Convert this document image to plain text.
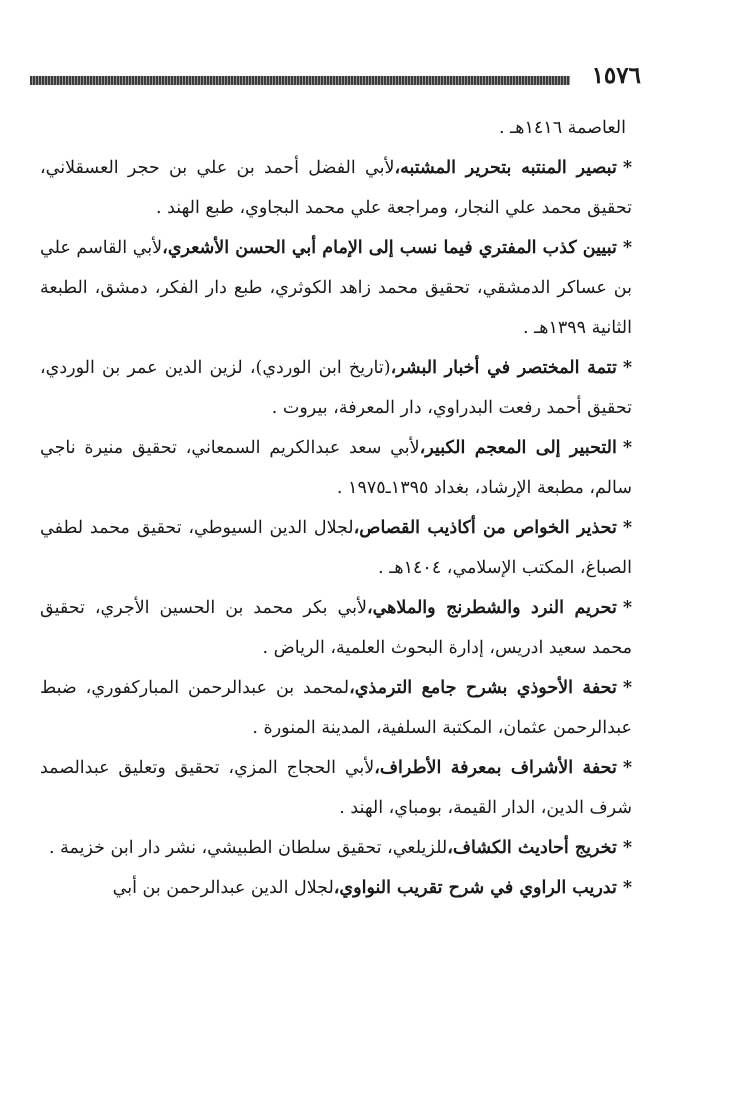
١٥٧٦

العاصمة ١٤١٦هـ .

*تبصير المنتبه بتحرير المشتبه،لأبي الفضل أحمد بن علي بن حجر العسقلاني، تحقيق محمد علي النجار، ومراجعة علي محمد البجاوي، طبع الهند .

*تبيين كذب المفتري فيما نسب إلى الإمام أبي الحسن الأشعري،لأبي القاسم علي بن عساكر الدمشقي، تحقيق محمد زاهد الكوثري، طبع دار الفكر، دمشق، الطبعة الثانية ١٣٩٩هـ .

*تتمة المختصر في أخبار البشر،(تاريخ ابن الوردي)، لزين الدين عمر بن الوردي، تحقيق أحمد رفعت البدراوي، دار المعرفة، بيروت .

*التحبير إلى المعجم الكبير،لأبي سعد عبدالكريم السمعاني، تحقيق منيرة ناجي سالم، مطبعة الإرشاد، بغداد ١٣٩٥ـ١٩٧٥ .

*تحذير الخواص من أكاذيب القصاص،لجلال الدين السيوطي، تحقيق محمد لطفي الصباغ، المكتب الإسلامي، ١٤٠٤هـ .

*تحريم النرد والشطرنج والملاهي،لأبي بكر محمد بن الحسين الأجري، تحقيق محمد سعيد ادريس، إدارة البحوث العلمية، الرياض .

*تحفة الأحوذي بشرح جامع الترمذي،لمحمد بن عبدالرحمن المباركفوري، ضبط عبدالرحمن عثمان، المكتبة السلفية، المدينة المنورة .

*تحفة الأشراف بمعرفة الأطراف،لأبي الحجاج المزي، تحقيق وتعليق عبدالصمد شرف الدين، الدار القيمة، بومباي، الهند .

*تخريج أحاديث الكشاف،للزيلعي، تحقيق سلطان الطبيشي، نشر دار ابن خزيمة .

*تدريب الراوي في شرح تقريب النواوي،لجلال الدين عبدالرحمن بن أبي
